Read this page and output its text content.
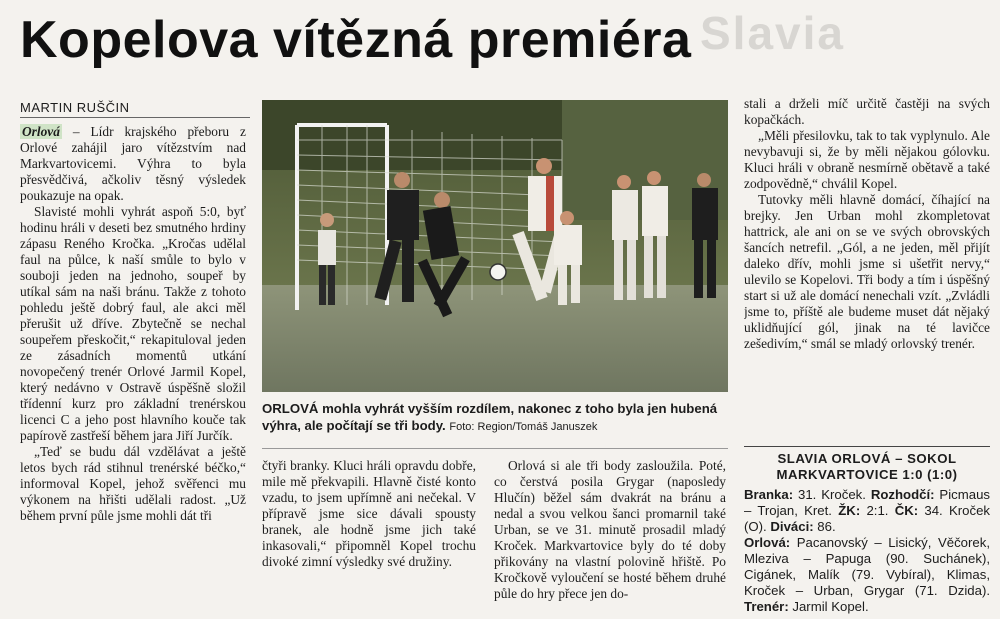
Slavia
Kopelova vítězná premiéra

MARTIN RUŠČIN

Orlová – Lídr krajského přeboru z Orlové zahájil jaro vítězstvím nad Markvartovicemi. Výhra to byla přesvědčivá, ačkoliv těsný výsledek poukazuje na opak.

Slavisté mohli vyhrát aspoň 5:0, byť hodinu hráli v deseti bez smutného hrdiny zápasu Reného Kročka. „Kročas udělal faul na půlce, k naší smůle to bylo v souboji jeden na jednoho, soupeř by utíkal sám na naši bránu. Takže z tohoto pohledu ještě dobrý faul, ale akci měl přerušit už dříve. Zbytečně se nechal soupeřem přeskočit,“ rekapituloval jeden ze zásadních momentů utkání novopečený trenér Orlové Jarmil Kopel, který nedávno v Ostravě úspěšně složil třídenní kurz pro základní trenérskou licenci C a jeho post hlavního kouče tak papírově zastřeší během jara Jiří Jurčík.

„Teď se budu dál vzdělávat a ještě letos bych rád stihnul trenérské béčko,“ informoval Kopel, jehož svěřenci mu výkonem na hřišti udělali radost. „Už během první půle jsme mohli dát tři

ORLOVÁ mohla vyhrát vyšším rozdílem, nakonec z toho byla jen hubená výhra, ale počítají se tři body. Foto: Region/Tomáš Januszek

čtyři branky. Kluci hráli opravdu dobře, mile mě překvapili. Hlavně čisté konto vzadu, to jsem upřímně ani nečekal. V přípravě jsme sice dávali spousty branek, ale hodně jsme jich také inkasovali,“ připomněl Kopel trochu divoké zimní výsledky své družiny.

Orlová si ale tři body zasloužila. Poté, co čerstvá posila Grygar (naposledy Hlučín) běžel sám dvakrát na bránu a nedal a svou velkou šanci promarnil také Urban, se ve 31. minutě prosadil mladý Kroček. Markvartovice byly do té doby přikovány na vlastní polovině hřiště. Po Kročkově vyloučení se hosté během druhé půle do hry přece jen do-

stali a drželi míč určitě častěji na svých kopačkách.

„Měli přesilovku, tak to tak vyplynulo. Ale nevybavuji si, že by měli nějakou gólovku. Kluci hráli v obraně nesmírně obětavě a také zodpovědně,“ chválil Kopel.

Tutovky měli hlavně domácí, číhající na brejky. Jen Urban mohl zkompletovat hattrick, ale ani on se ve svých obrovských šancích netrefil. „Gól, a ne jeden, měl přijít daleko dřív, mohli jsme si ušetřit nervy,“ ulevilo se Kopelovi. Tři body a tím i úspěšný start si už ale domácí nenechali vzít. „Zvládli jsme to, příště ale budeme muset dát nějaký uklidňující gól, jinak na té lavičce zešedivím,“ smál se mladý orlovský trenér.

SLAVIA ORLOVÁ – SOKOL MARKVARTOVICE 1:0 (1:0)

Branka: 31. Kroček. Rozhodčí: Picmaus – Trojan, Kret. ŽK: 2:1. ČK: 34. Kroček (O). Diváci: 86.

Orlová: Pacanovský – Lisický, Věčorek, Mleziva – Papuga (90. Suchánek), Cigánek, Malík (79. Vybíral), Klimas, Kroček – Urban, Grygar (71. Dzida). Trenér: Jarmil Kopel.
